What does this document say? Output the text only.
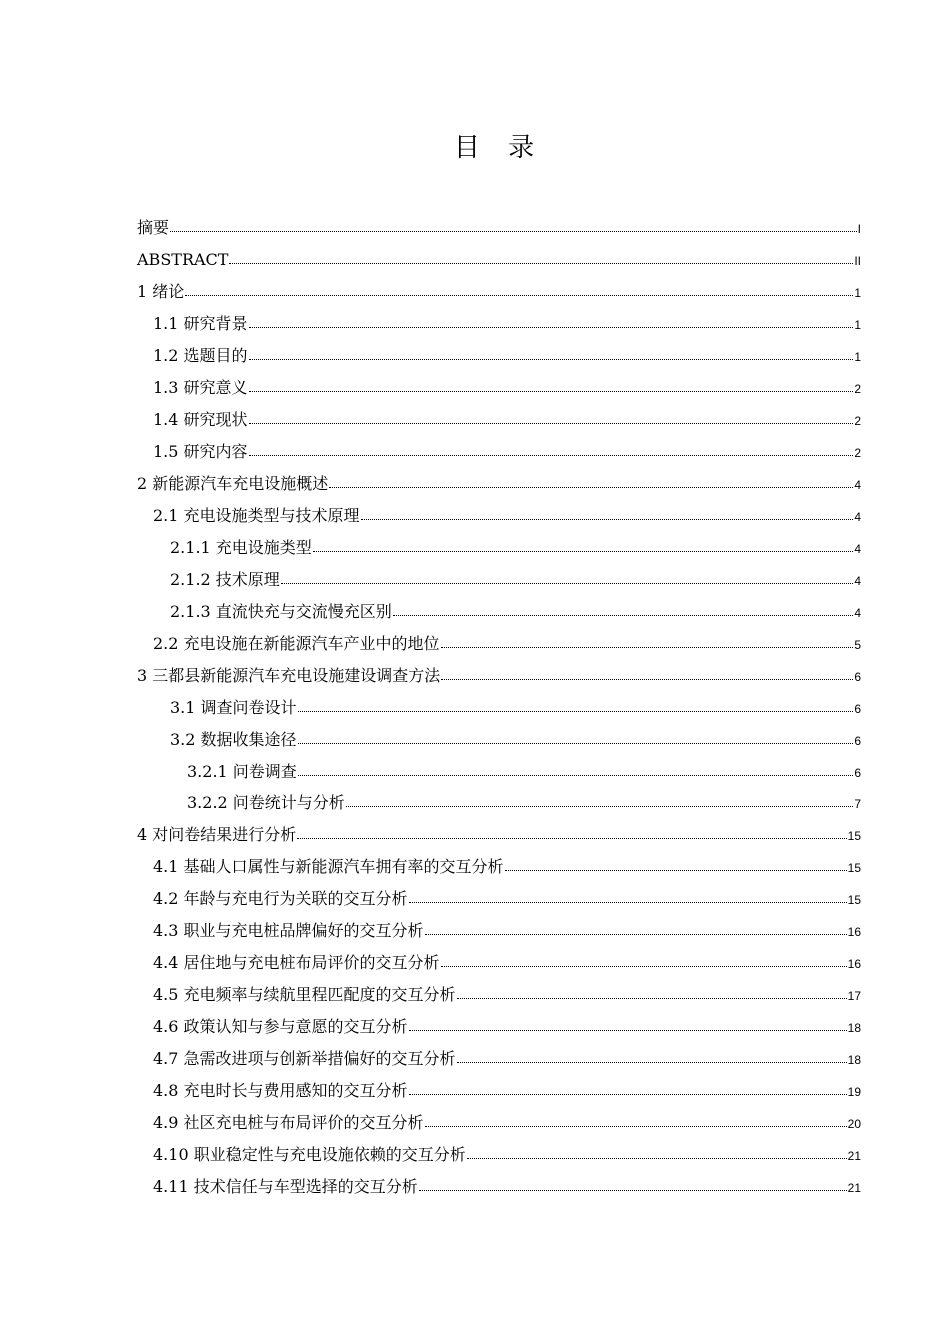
目 录
摘要	I
ABSTRACT	II
1 绪论	1
1.1 研究背景	1
1.2 选题目的	1
1.3 研究意义	2
1.4 研究现状	2
1.5 研究内容	2
2 新能源汽车充电设施概述	4
2.1 充电设施类型与技术原理	4
2.1.1 充电设施类型	4
2.1.2 技术原理	4
2.1.3 直流快充与交流慢充区别	4
2.2 充电设施在新能源汽车产业中的地位	5
3 三都县新能源汽车充电设施建设调查方法	6
3.1 调查问卷设计	6
3.2 数据收集途径	6
3.2.1 问卷调查	6
3.2.2 问卷统计与分析	7
4 对问卷结果进行分析	15
4.1 基础人口属性与新能源汽车拥有率的交互分析	15
4.2 年龄与充电行为关联的交互分析	15
4.3 职业与充电桩品牌偏好的交互分析	16
4.4 居住地与充电桩布局评价的交互分析	16
4.5 充电频率与续航里程匹配度的交互分析	17
4.6 政策认知与参与意愿的交互分析	18
4.7 急需改进项与创新举措偏好的交互分析	18
4.8 充电时长与费用感知的交互分析	19
4.9 社区充电桩与布局评价的交互分析	20
4.10 职业稳定性与充电设施依赖的交互分析	21
4.11 技术信任与车型选择的交互分析	21
